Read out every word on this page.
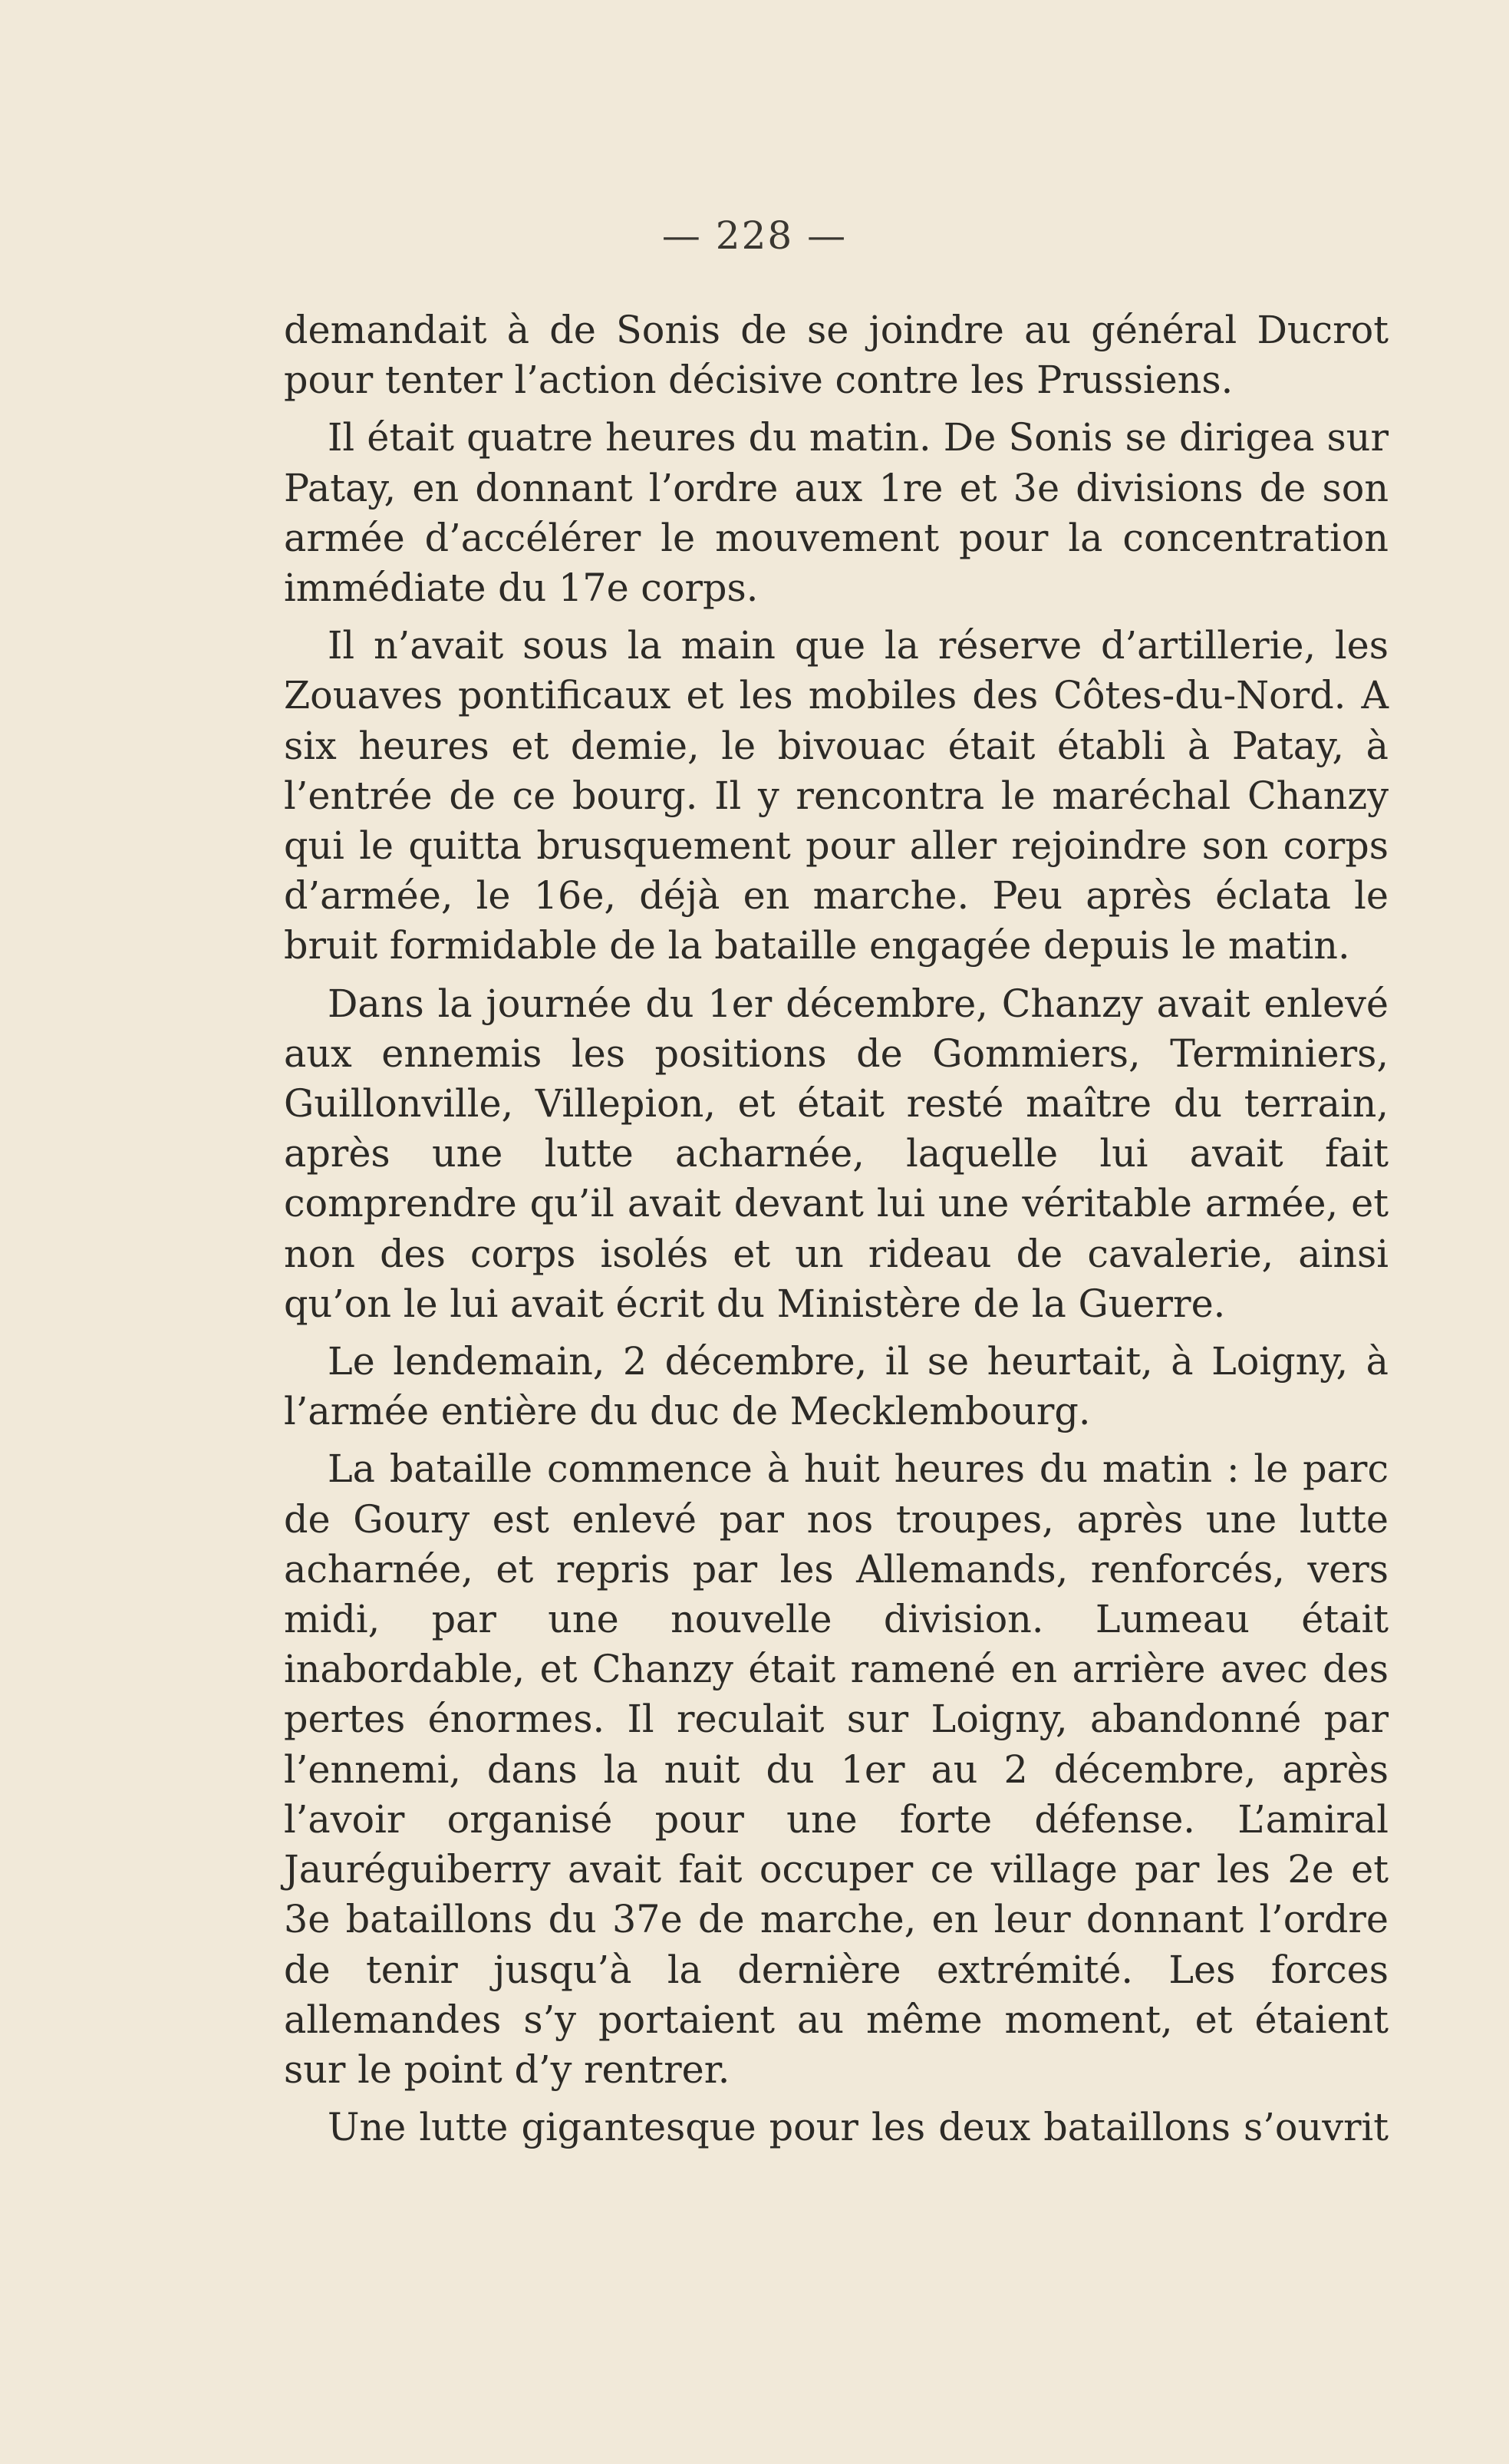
— 228 —

demandait à de Sonis de se joindre au général Ducrot pour tenter l’action décisive contre les Prussiens.

Il était quatre heures du matin. De Sonis se dirigea sur Patay, en donnant l’ordre aux 1re et 3e divisions de son armée d’accélérer le mouvement pour la concentration immédiate du 17e corps.

Il n’avait sous la main que la réserve d’artillerie, les Zouaves pontificaux et les mobiles des Côtes-du-Nord. A six heures et demie, le bivouac était établi à Patay, à l’entrée de ce bourg. Il y rencontra le maréchal Chanzy qui le quitta brusquement pour aller rejoindre son corps d’armée, le 16e, déjà en marche. Peu après éclata le bruit formidable de la bataille engagée depuis le matin.

Dans la journée du 1er décembre, Chanzy avait enlevé aux ennemis les positions de Gommiers, Terminiers, Guillonville, Villepion, et était resté maître du terrain, après une lutte acharnée, laquelle lui avait fait comprendre qu’il avait devant lui une véritable armée, et non des corps isolés et un rideau de cavalerie, ainsi qu’on le lui avait écrit du Ministère de la Guerre.

Le lendemain, 2 décembre, il se heurtait, à Loigny, à l’armée entière du duc de Mecklembourg.

La bataille commence à huit heures du matin : le parc de Goury est enlevé par nos troupes, après une lutte acharnée, et repris par les Allemands, renforcés, vers midi, par une nouvelle division. Lumeau était inabordable, et Chanzy était ramené en arrière avec des pertes énormes. Il reculait sur Loigny, abandonné par l’ennemi, dans la nuit du 1er au 2 décembre, après l’avoir organisé pour une forte défense. L’amiral Jauréguiberry avait fait occuper ce village par les 2e et 3e bataillons du 37e de marche, en leur donnant l’ordre de tenir jusqu’à la dernière extrémité. Les forces allemandes s’y portaient au même moment, et étaient sur le point d’y rentrer.

Une lutte gigantesque pour les deux bataillons s’ouvrit
